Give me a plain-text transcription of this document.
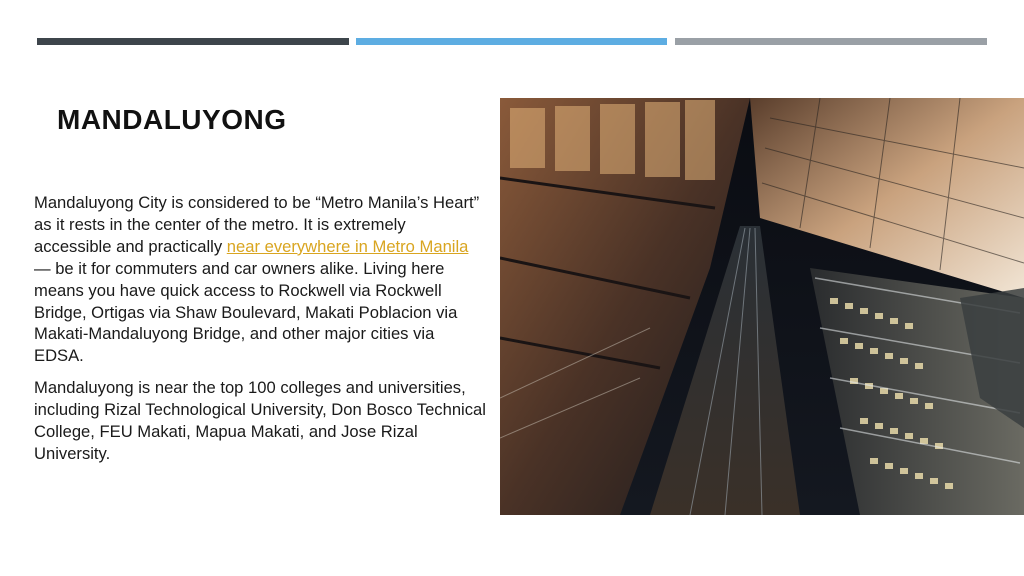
MANDALUYONG

Mandaluyong City is considered to be “Metro Manila’s Heart” as it rests in the center of the metro. It is extremely accessible and practically near everywhere in Metro Manila — be it for commuters and car owners alike. Living here means you have quick access to Rockwell via Rockwell Bridge, Ortigas via Shaw Boulevard, Makati Poblacion via Makati-Mandaluyong Bridge, and other major cities via EDSA.

Mandaluyong is near the top 100 colleges and universities, including Rizal Technological University, Don Bosco Technical College, FEU Makati, Mapua Makati, and Jose Rizal University.
